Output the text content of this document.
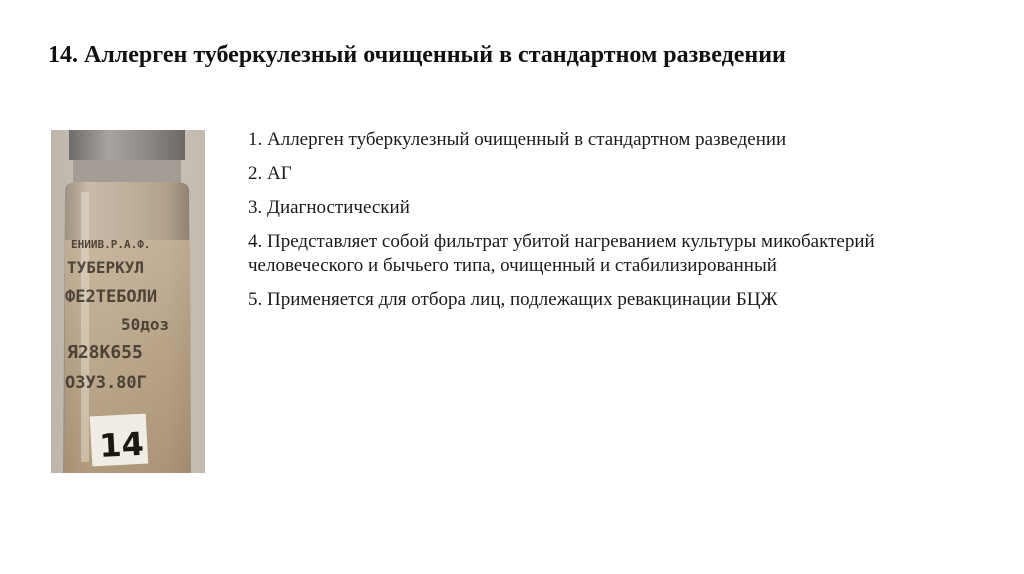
14. Аллерген туберкулезный очищенный в стандартном разведении
ЕНИИВ.Р.А.Ф.
ТУБЕРКУЛ
ФЕ2ТЕБОЛИ
50доз
Я28К655
ОЗУЗ.80Г
14
1. Аллерген туберкулезный очищенный в стандартном разведении
2. АГ
3. Диагностический
4. Представляет собой фильтрат убитой нагреванием культуры микобактерий человеческого и бычьего типа, очищенный и стабилизированный
5. Применяется для отбора лиц, подлежащих ревакцинации БЦЖ
